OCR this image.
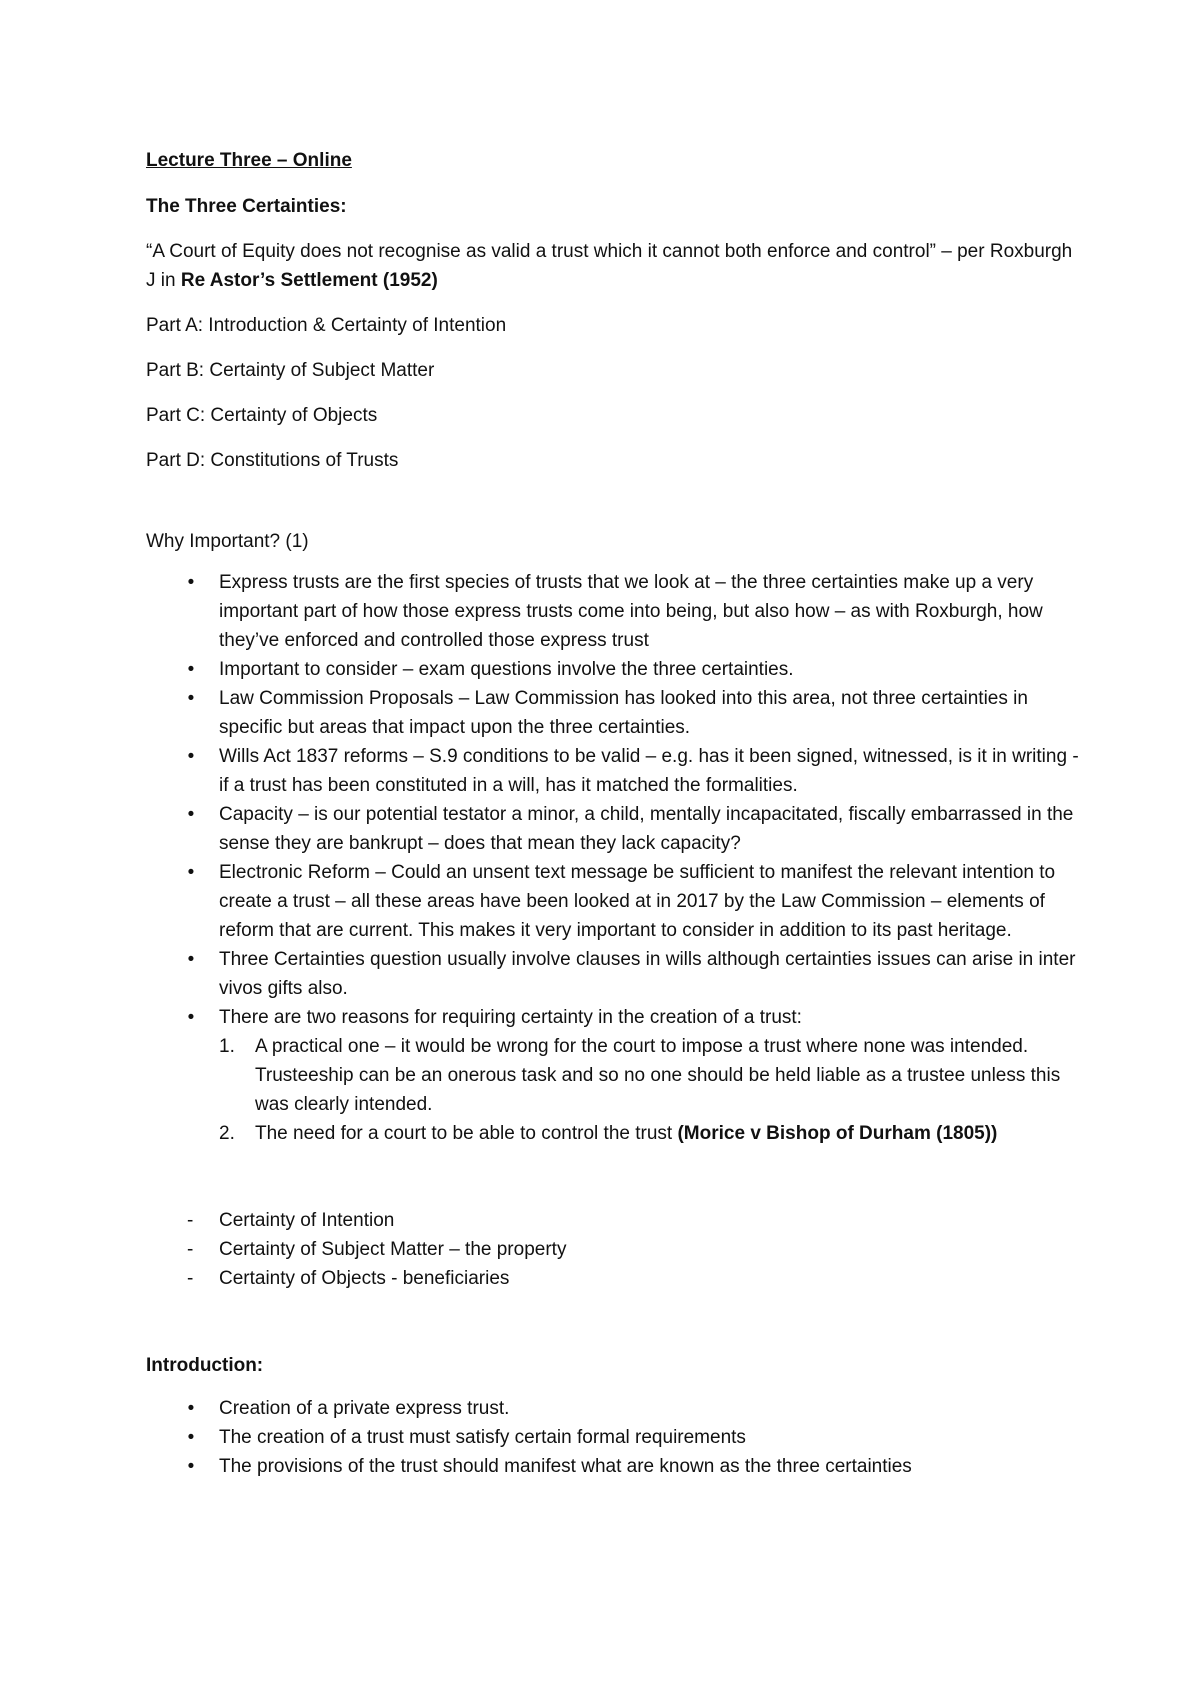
Lecture Three – Online

The Three Certainties:

“A Court of Equity does not recognise as valid a trust which it cannot both enforce and control” – per Roxburgh J in Re Astor’s Settlement (1952)

Part A: Introduction & Certainty of Intention

Part B: Certainty of Subject Matter

Part C: Certainty of Objects

Part D: Constitutions of Trusts

Why Important? (1)

• Express trusts are the first species of trusts that we look at – the three certainties make up a very important part of how those express trusts come into being, but also how – as with Roxburgh, how they’ve enforced and controlled those express trust
• Important to consider – exam questions involve the three certainties.
• Law Commission Proposals – Law Commission has looked into this area, not three certainties in specific but areas that impact upon the three certainties.
• Wills Act 1837 reforms – S.9 conditions to be valid – e.g. has it been signed, witnessed, is it in writing - if a trust has been constituted in a will, has it matched the formalities.
• Capacity – is our potential testator a minor, a child, mentally incapacitated, fiscally embarrassed in the sense they are bankrupt – does that mean they lack capacity?
• Electronic Reform – Could an unsent text message be sufficient to manifest the relevant intention to create a trust – all these areas have been looked at in 2017 by the Law Commission – elements of reform that are current. This makes it very important to consider in addition to its past heritage.
• Three Certainties question usually involve clauses in wills although certainties issues can arise in inter vivos gifts also.
• There are two reasons for requiring certainty in the creation of a trust:
1. A practical one – it would be wrong for the court to impose a trust where none was intended. Trusteeship can be an onerous task and so no one should be held liable as a trustee unless this was clearly intended.
2. The need for a court to be able to control the trust (Morice v Bishop of Durham (1805))
- Certainty of Intention
- Certainty of Subject Matter – the property
- Certainty of Objects - beneficiaries

Introduction:

• Creation of a private express trust.
• The creation of a trust must satisfy certain formal requirements
• The provisions of the trust should manifest what are known as the three certainties
